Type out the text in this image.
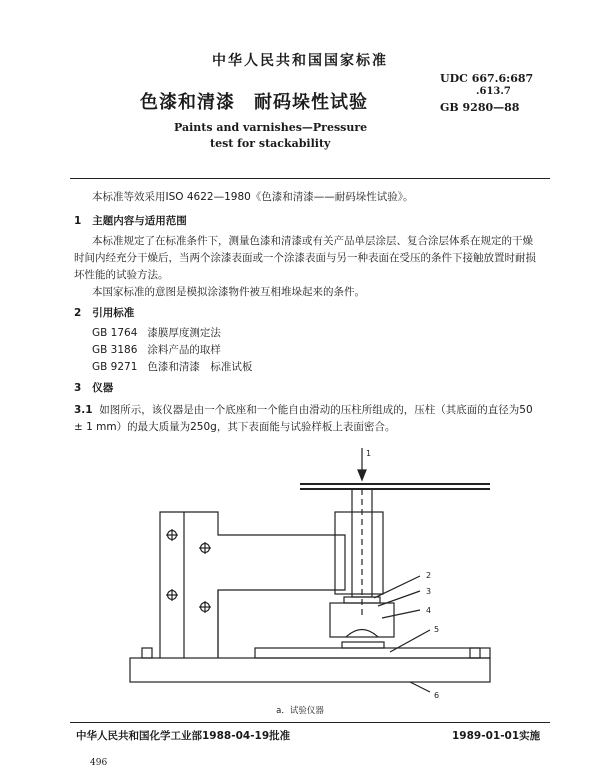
中华人民共和国国家标准
色漆和清漆　耐码垛性试验
Paints and varnishes—Pressure
test for stackability
UDC 667.6:687
.613.7
GB 9280—88
本标准等效采用ISO 4622—1980《色漆和清漆——耐码垛性试验》。
1 主题内容与适用范围
本标准规定了在标准条件下，测量色漆和清漆或有关产品单层涂层、复合涂层体系在规定的干燥
时间内经充分干燥后，当两个涂漆表面或一个涂漆表面与另一种表面在受压的条件下接触放置时耐损
坏性能的试验方法。
本国家标准的意图是模拟涂漆物件被互相堆垛起来的条件。
2 引用标准
GB 1764 漆膜厚度测定法
GB 3186 涂料产品的取样
GB 9271 色漆和清漆　标准试板
3 仪器
3.1 如图所示，该仪器是由一个底座和一个能自由滑动的压柱所组成的，压柱（其底面的直径为50
± 1 mm）的最大质量为250g，其下表面能与试验样板上表面密合。
1
2
3
4
5
6
a．试验仪器
中华人民共和国化学工业部1988-04-19批准	1989-01-01实施
496
